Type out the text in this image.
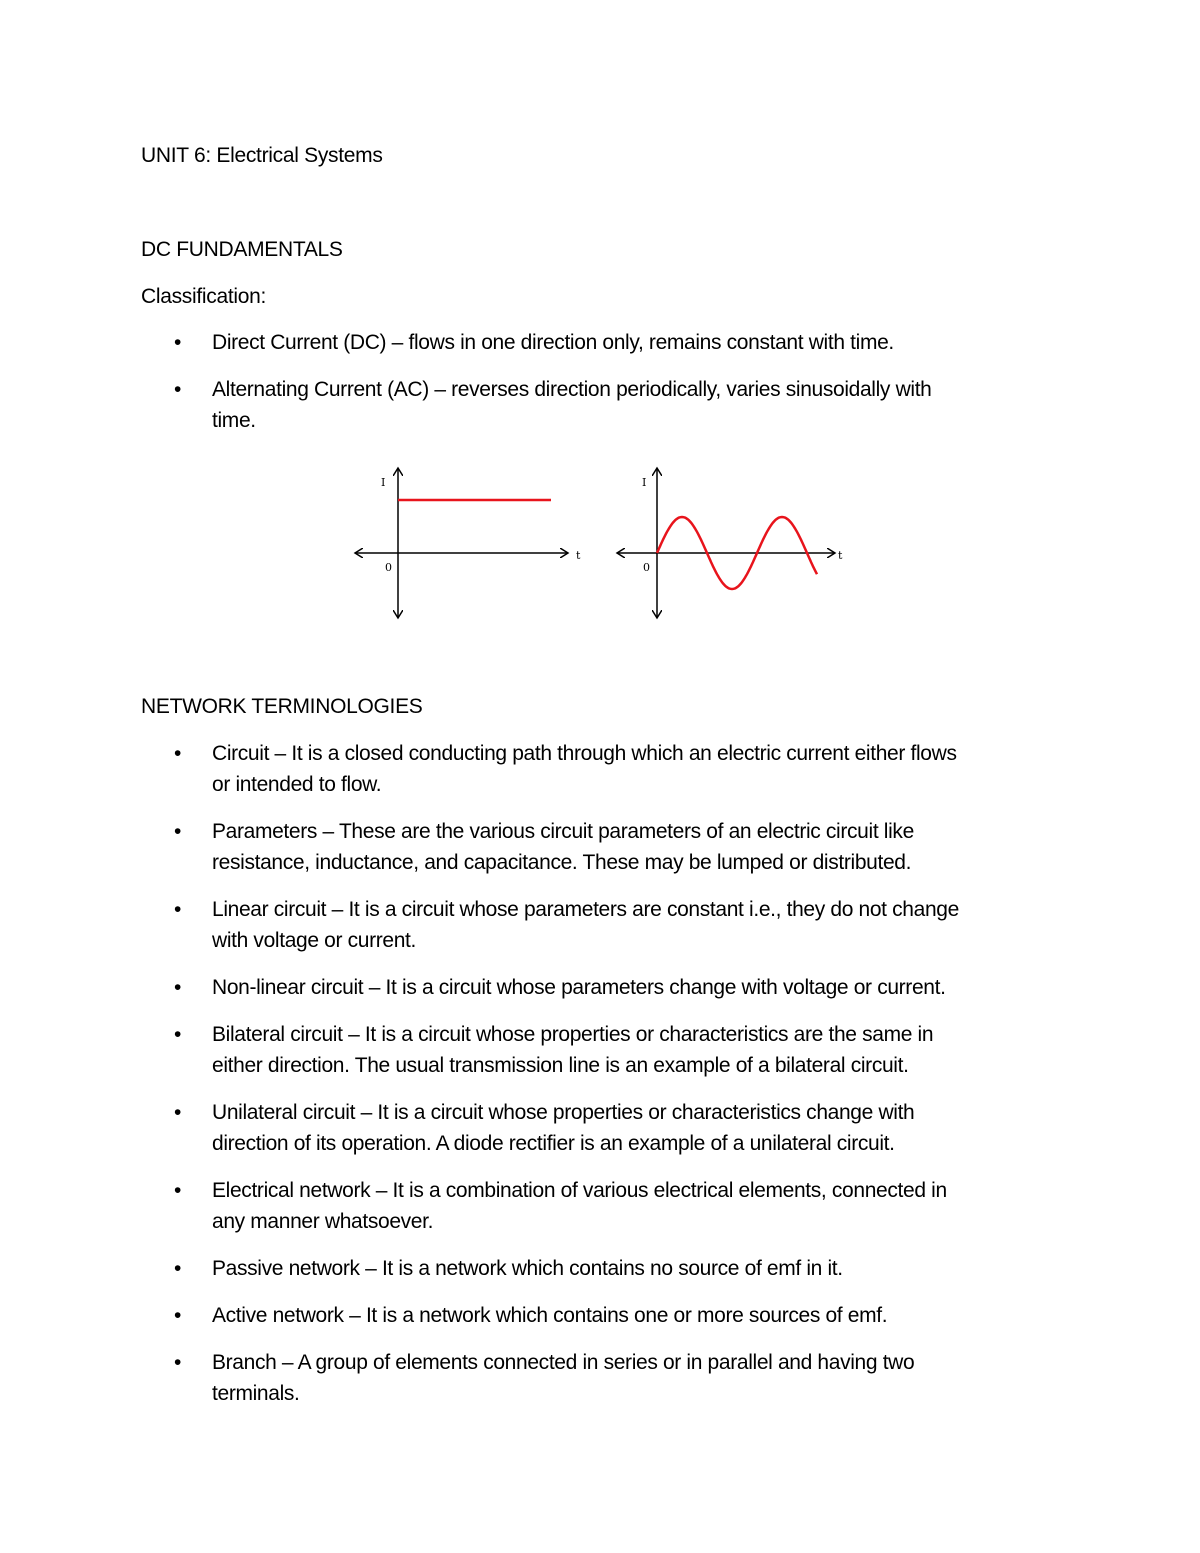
UNIT 6: Electrical Systems
DC FUNDAMENTALS
Classification:
• Direct Current (DC) – flows in one direction only, remains constant with time.
• Alternating Current (AC) – reverses direction periodically, varies sinusoidally with
time.
I
t
0
I
t
0
NETWORK TERMINOLOGIES
• Circuit – It is a closed conducting path through which an electric current either flows
or intended to flow.
• Parameters – These are the various circuit parameters of an electric circuit like
resistance, inductance, and capacitance. These may be lumped or distributed.
• Linear circuit – It is a circuit whose parameters are constant i.e., they do not change
with voltage or current.
• Non-linear circuit – It is a circuit whose parameters change with voltage or current.
• Bilateral circuit – It is a circuit whose properties or characteristics are the same in
either direction. The usual transmission line is an example of a bilateral circuit.
• Unilateral circuit – It is a circuit whose properties or characteristics change with
direction of its operation. A diode rectifier is an example of a unilateral circuit.
• Electrical network – It is a combination of various electrical elements, connected in
any manner whatsoever.
• Passive network – It is a network which contains no source of emf in it.
• Active network – It is a network which contains one or more sources of emf.
• Branch – A group of elements connected in series or in parallel and having two
terminals.
